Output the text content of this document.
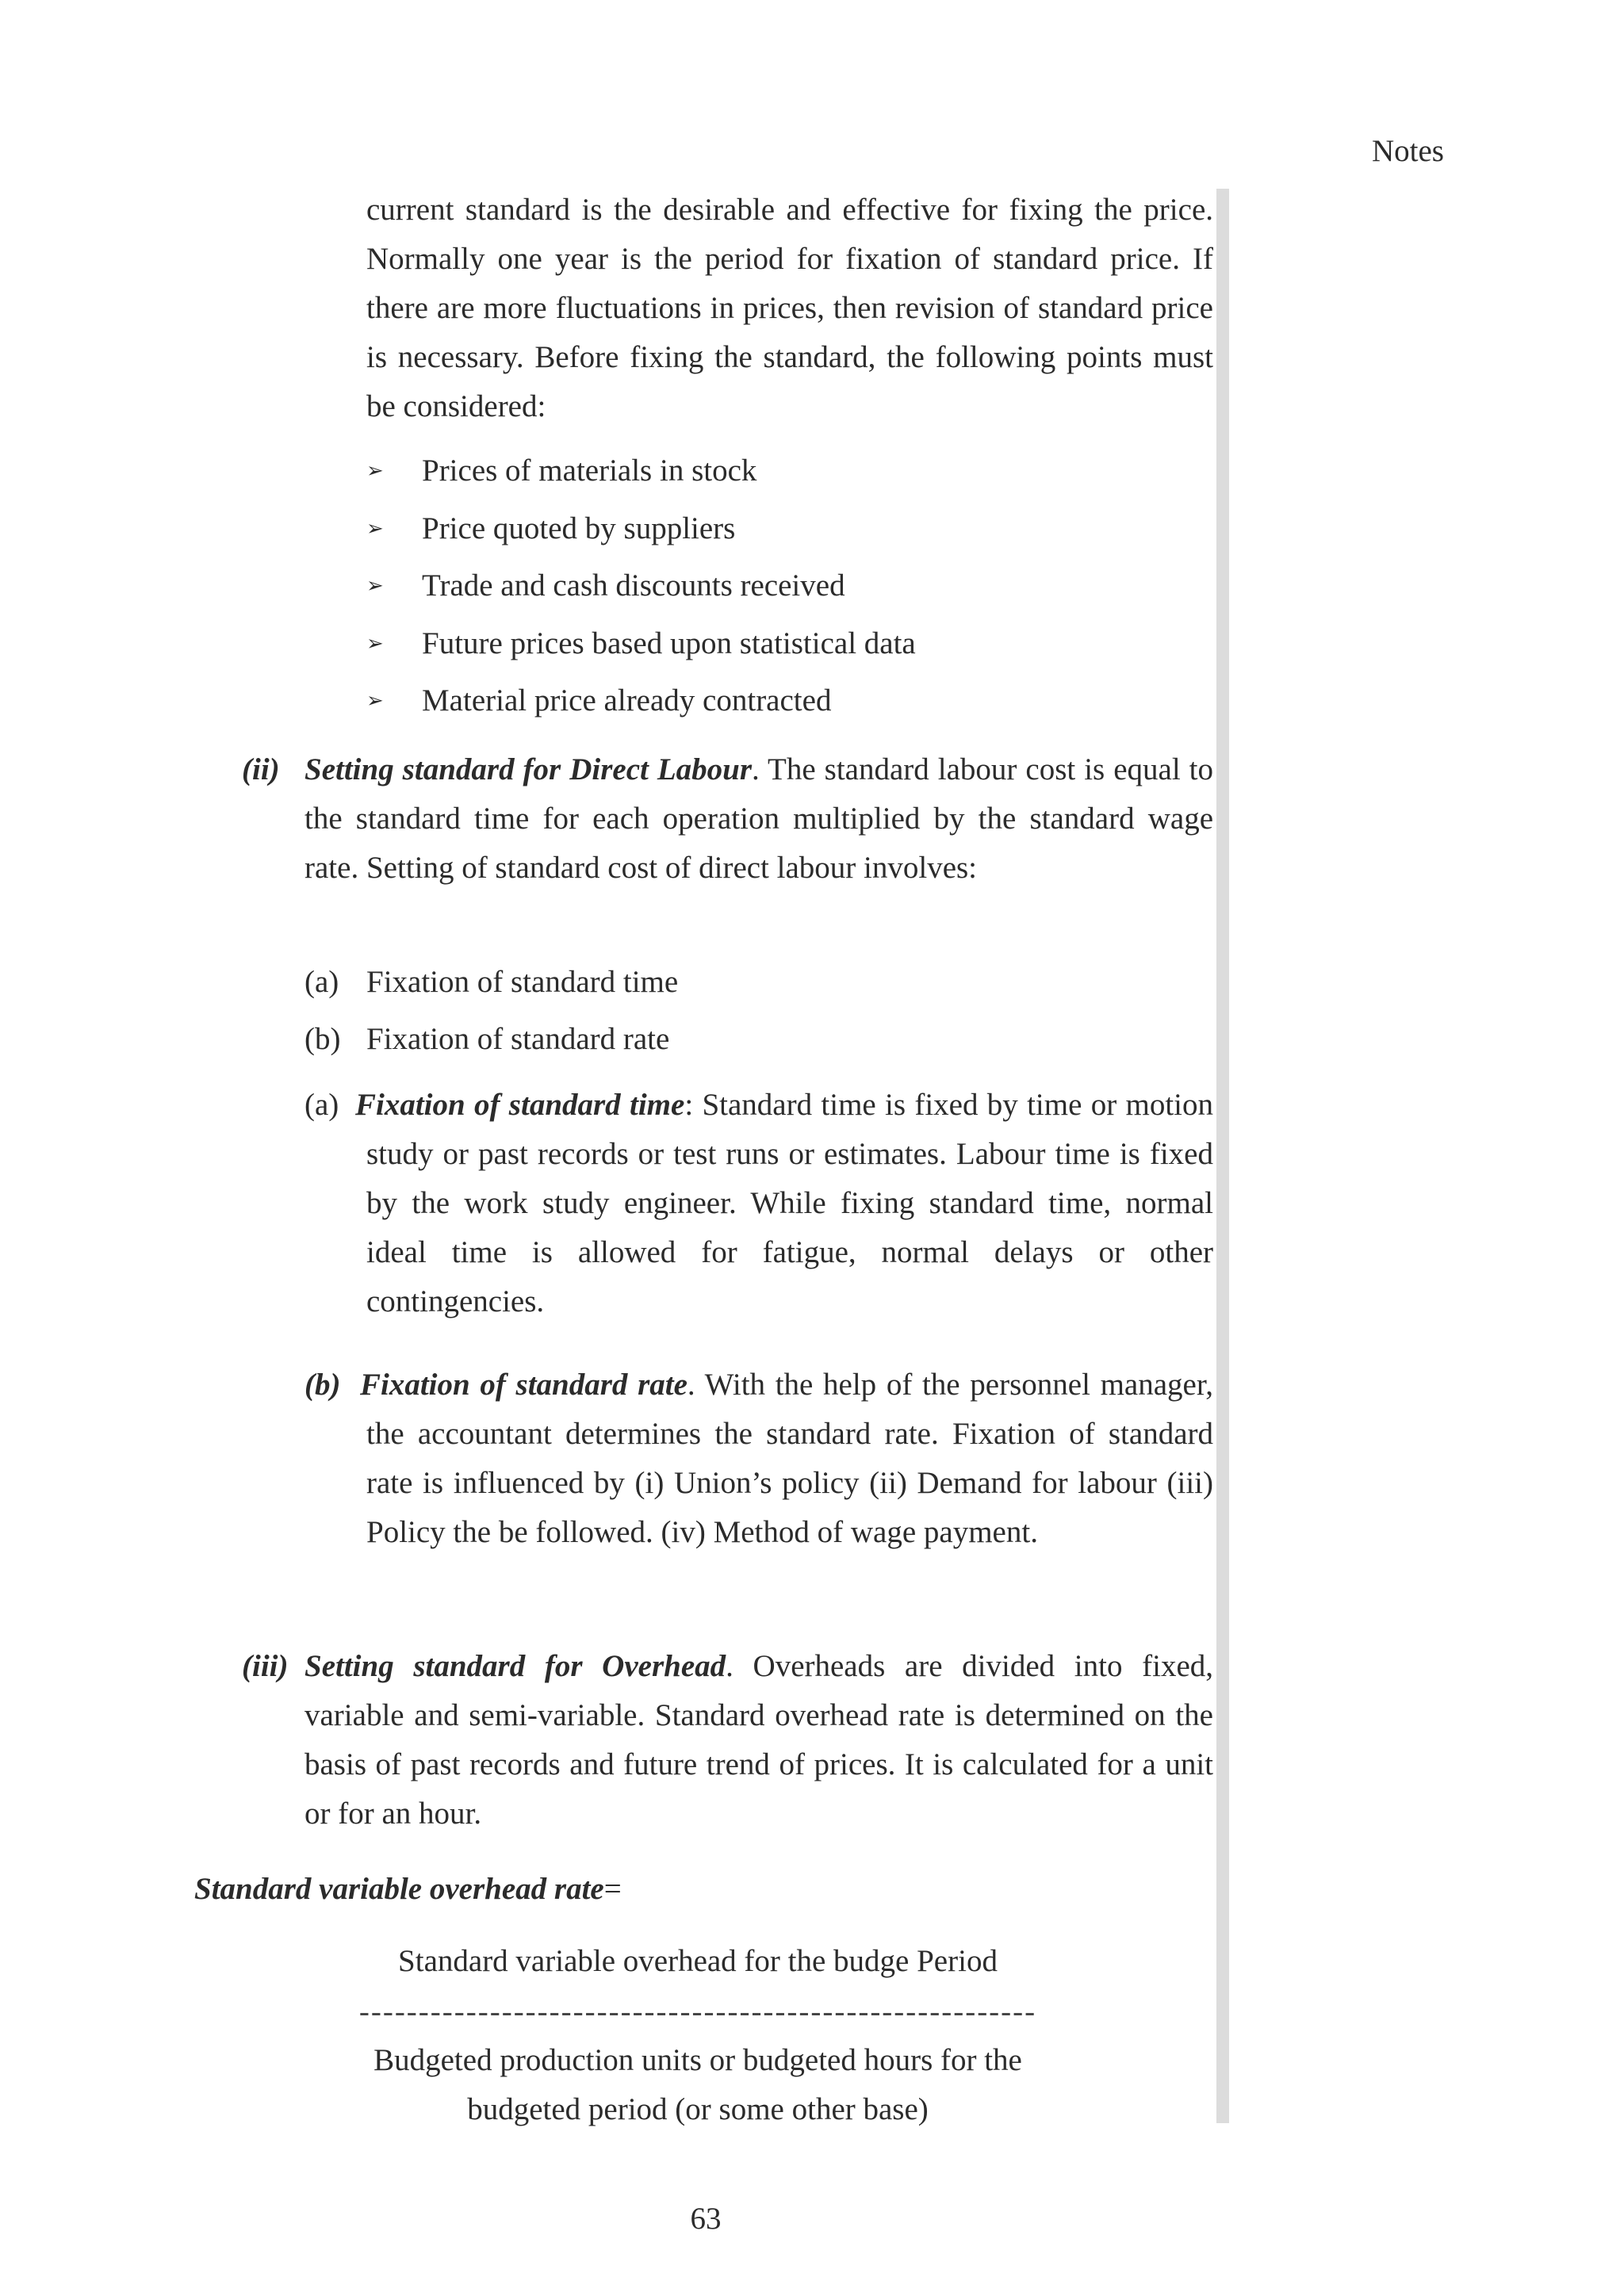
Notes
current standard is the desirable and effective for fixing the price. Normally one year is the period for fixation of standard price. If there are more fluctuations in prices, then revision of standard price is necessary. Before fixing the standard, the following points must be considered:
➢	Prices of materials in stock
➢	Price quoted by suppliers
➢	Trade and cash discounts received
➢	Future prices based upon statistical data
➢	Material price already contracted
(ii) Setting standard for Direct Labour. The standard labour cost is equal to the standard time for each operation multiplied by the standard wage rate. Setting of standard cost of direct labour involves:
(a) Fixation of standard time
(b) Fixation of standard rate
(a) Fixation of standard time: Standard time is fixed by time or motion study or past records or test runs or estimates. Labour time is fixed by the work study engineer. While fixing standard time, normal ideal time is allowed for fatigue, normal delays or other contingencies.
(b) Fixation of standard rate. With the help of the personnel manager, the accountant determines the standard rate. Fixation of standard rate is influenced by (i) Union’s policy (ii) Demand for labour (iii) Policy the be followed. (iv) Method of wage payment.
(iii) Setting standard for Overhead. Overheads are divided into fixed, variable and semi-variable. Standard overhead rate is determined on the basis of past records and future trend of prices. It is calculated for a unit or for an hour.
Standard variable overhead rate=
Standard variable overhead for the budge Period
---------------------------------------------------------
Budgeted production units or budgeted hours for the
budgeted period (or some other base)
63
